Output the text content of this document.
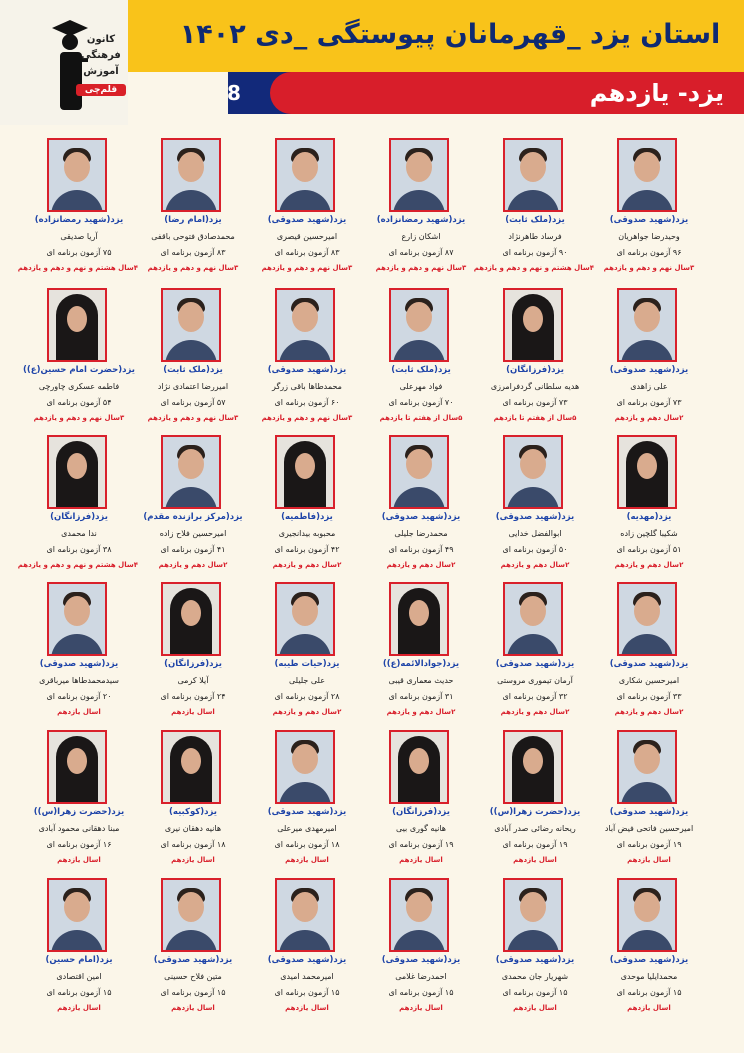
کانون
فرهنگی
آموزش
قلم‌چی
استان یزد _قهرمانان پیوستگی _دی ۱۴۰۲
8	یزد- یازدهم
یزد(شهید صدوقی)
وحیدرضا جواهریان
۹۶ آزمون برنامه ای
۳سال نهم و دهم و یازدهم
یزد(ملک ثابت)
فرساد طاهرنژاد
۹۰ آزمون برنامه ای
۴سال هشتم و نهم و دهم و یازدهم
یزد(شهید رمضانزاده)
اشکان زارع
۸۷ آزمون برنامه ای
۳سال نهم و دهم و یازدهم
یزد(شهید صدوقی)
امیرحسین قیصری
۸۳ آزمون برنامه ای
۳سال نهم و دهم و یازدهم
یزد(امام رضا)
محمدصادق فتوحی باقفی
۸۳ آزمون برنامه ای
۳سال نهم و دهم و یازدهم
یزد(شهید رمضانزاده)
آریا صدیقی
۷۵ آزمون برنامه ای
۴سال هشتم و نهم و دهم و یازدهم
یزد(شهید صدوقی)
علی زاهدی
۷۳ آزمون برنامه ای
۲سال دهم و یازدهم
یزد(فرزانگان)
هدیه سلطانی گردفرامرزی
۷۳ آزمون برنامه ای
۵سال از هفتم تا یازدهم
یزد(ملک ثابت)
فواد مهرعلی
۷۰ آزمون برنامه ای
۵سال از هفتم تا یازدهم
یزد(شهید صدوقی)
محمدطاها باقی زرگر
۶۰ آزمون برنامه ای
۳سال نهم و دهم و یازدهم
یزد(ملک ثابت)
امیررضا اعتمادی نژاد
۵۷ آزمون برنامه ای
۳سال نهم و دهم و یازدهم
یزد(حضرت امام حسین(ع))
فاطمه عسکری چاورچی
۵۴ آزمون برنامه ای
۳سال نهم و دهم و یازدهم
یزد(مهدیه)
شکیبا گلچین زاده
۵۱ آزمون برنامه ای
۲سال دهم و یازدهم
یزد(شهید صدوقی)
ابوالفضل خدایی
۵۰ آزمون برنامه ای
۲سال دهم و یازدهم
یزد(شهید صدوقی)
محمدرضا جلیلی
۴۹ آزمون برنامه ای
۲سال دهم و یازدهم
یزد(فاطمیه)
محبوبه بیدانجیری
۴۲ آزمون برنامه ای
۲سال دهم و یازدهم
یزد(مرکز برازنده مقدم)
امیرحسین فلاح زاده
۴۱ آزمون برنامه ای
۲سال دهم و یازدهم
یزد(فرزانگان)
ندا محمدی
۳۸ آزمون برنامه ای
۴سال هشتم و نهم و دهم و یازدهم
یزد(شهید صدوقی)
امیرحسین شکاری
۳۳ آزمون برنامه ای
۲سال دهم و یازدهم
یزد(شهید صدوقی)
آرمان تیموری مروستی
۳۲ آزمون برنامه ای
۲سال دهم و یازدهم
یزد(جوادالائمه(ع))
حدیث معماری قیبی
۳۱ آزمون برنامه ای
۲سال دهم و یازدهم
یزد(حیات طیبه)
علی جلیلی
۲۸ آزمون برنامه ای
۲سال دهم و یازدهم
یزد(فرزانگان)
آیلا کرمی
۲۴ آزمون برنامه ای
اسال یازدهم
یزد(شهید صدوقی)
سیدمحمدطاها میرباقری
۲۰ آزمون برنامه ای
اسال یازدهم
یزد(شهید صدوقی)
امیرحسین فاتحی فیض آباد
۱۹ آزمون برنامه ای
اسال یازدهم
یزد(حضرت زهرا(س))
ریحانه رضائی صدر آبادی
۱۹ آزمون برنامه ای
اسال یازدهم
یزد(فرزانگان)
هانیه گوری بیی
۱۹ آزمون برنامه ای
اسال یازدهم
یزد(شهید صدوقی)
امیرمهدی میرعلی
۱۸ آزمون برنامه ای
اسال یازدهم
یزد(کوکبیه)
هانیه دهقان نیری
۱۸ آزمون برنامه ای
اسال یازدهم
یزد(حضرت زهرا(س))
مبنا دهقانی محمود آبادی
۱۶ آزمون برنامه ای
اسال یازدهم
یزد(شهید صدوقی)
محمدایلیا موحدی
۱۵ آزمون برنامه ای
اسال یازدهم
یزد(شهید صدوقی)
شهریار جان محمدی
۱۵ آزمون برنامه ای
اسال یازدهم
یزد(شهید صدوقی)
احمدرضا غلامی
۱۵ آزمون برنامه ای
اسال یازدهم
یزد(شهید صدوقی)
امیرمحمد امیدی
۱۵ آزمون برنامه ای
اسال یازدهم
یزد(شهید صدوقی)
متین فلاح حسینی
۱۵ آزمون برنامه ای
اسال یازدهم
یزد(امام حسین)
امین اقتصادی
۱۵ آزمون برنامه ای
اسال یازدهم
